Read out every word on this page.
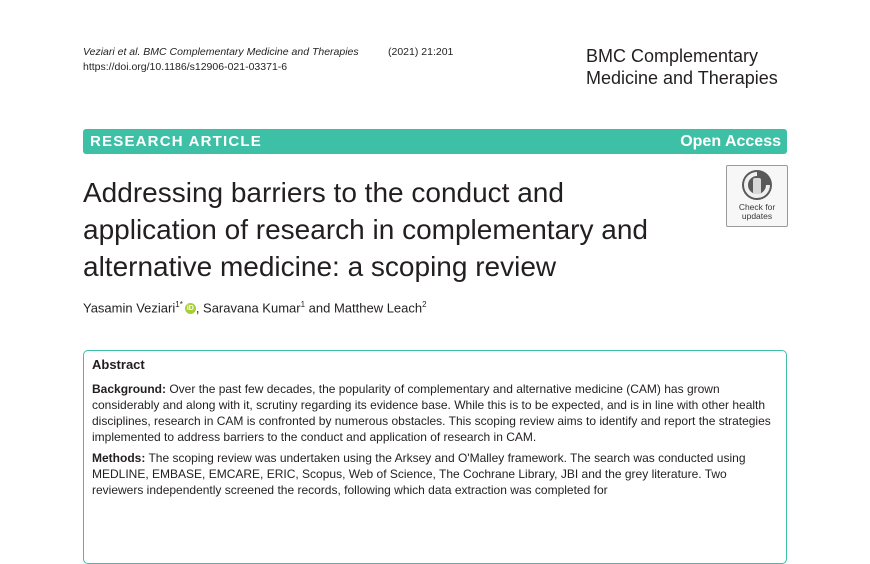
Veziari et al. BMC Complementary Medicine and Therapies	(2021) 21:201
https://doi.org/10.1186/s12906-021-03371-6
BMC Complementary
Medicine and Therapies
RESEARCH ARTICLE	Open Access
Addressing barriers to the conduct and application of research in complementary and alternative medicine: a scoping review
Check for
updates
Yasamin Veziari$^{1*}$ iD , Saravana Kumar$^1$ and Matthew Leach$^2$
Abstract

Background: Over the past few decades, the popularity of complementary and alternative medicine (CAM) has grown considerably and along with it, scrutiny regarding its evidence base. While this is to be expected, and is in line with other health disciplines, research in CAM is confronted by numerous obstacles. This scoping review aims to identify and report the strategies implemented to address barriers to the conduct and application of research in CAM.

Methods: The scoping review was undertaken using the Arksey and O'Malley framework. The search was conducted using MEDLINE, EMBASE, EMCARE, ERIC, Scopus, Web of Science, The Cochrane Library, JBI and the grey literature. Two reviewers independently screened the records, following which data extraction was completed for
